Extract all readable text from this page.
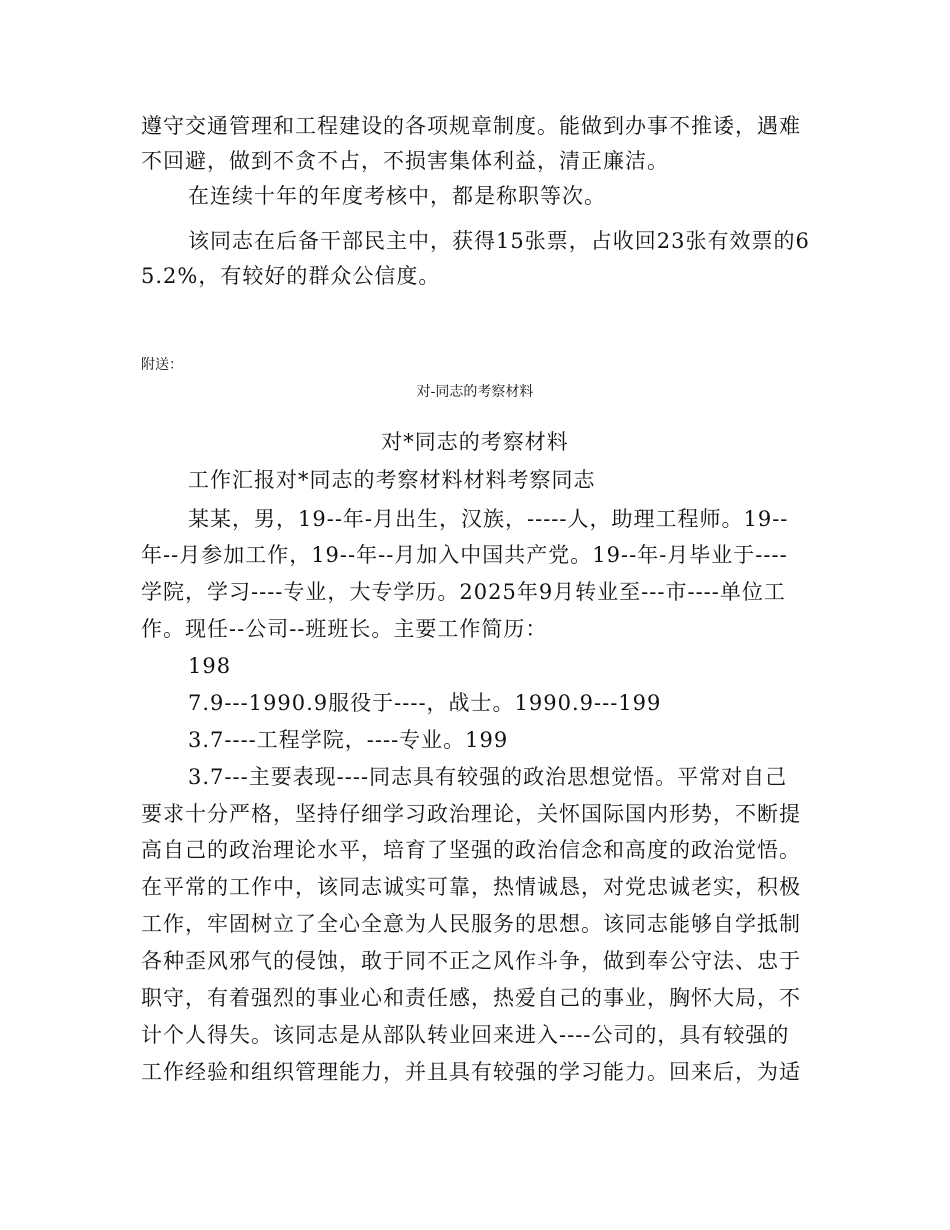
遵守交通管理和工程建设的各项规章制度。能做到办事不推诿，遇难
不回避，做到不贪不占，不损害集体利益，清正廉洁。
在连续十年的年度考核中，都是称职等次。
该同志在后备干部民主中，获得15张票，占收回23张有效票的6
5.2%，有较好的群众公信度。
附送：
对-同志的考察材料
对*同志的考察材料
工作汇报对*同志的考察材料材料考察同志
某某，男，19--年-月出生，汉族，-----人，助理工程师。19--
年--月参加工作，19--年--月加入中国共产党。19--年-月毕业于----
学院，学习----专业，大专学历。2025年9月转业至---市----单位工
作。现任--公司--班班长。主要工作简历：
198
7.9---1990.9服役于----，战士。1990.9---199
3.7----工程学院，----专业。199
3.7---主要表现----同志具有较强的政治思想觉悟。平常对自己
要求十分严格，坚持仔细学习政治理论，关怀国际国内形势，不断提
高自己的政治理论水平，培育了坚强的政治信念和高度的政治觉悟。
在平常的工作中，该同志诚实可靠，热情诚恳，对党忠诚老实，积极
工作，牢固树立了全心全意为人民服务的思想。该同志能够自学抵制
各种歪风邪气的侵蚀，敢于同不正之风作斗争，做到奉公守法、忠于
职守，有着强烈的事业心和责任感，热爱自己的事业，胸怀大局，不
计个人得失。该同志是从部队转业回来进入----公司的，具有较强的
工作经验和组织管理能力，并且具有较强的学习能力。回来后，为适
